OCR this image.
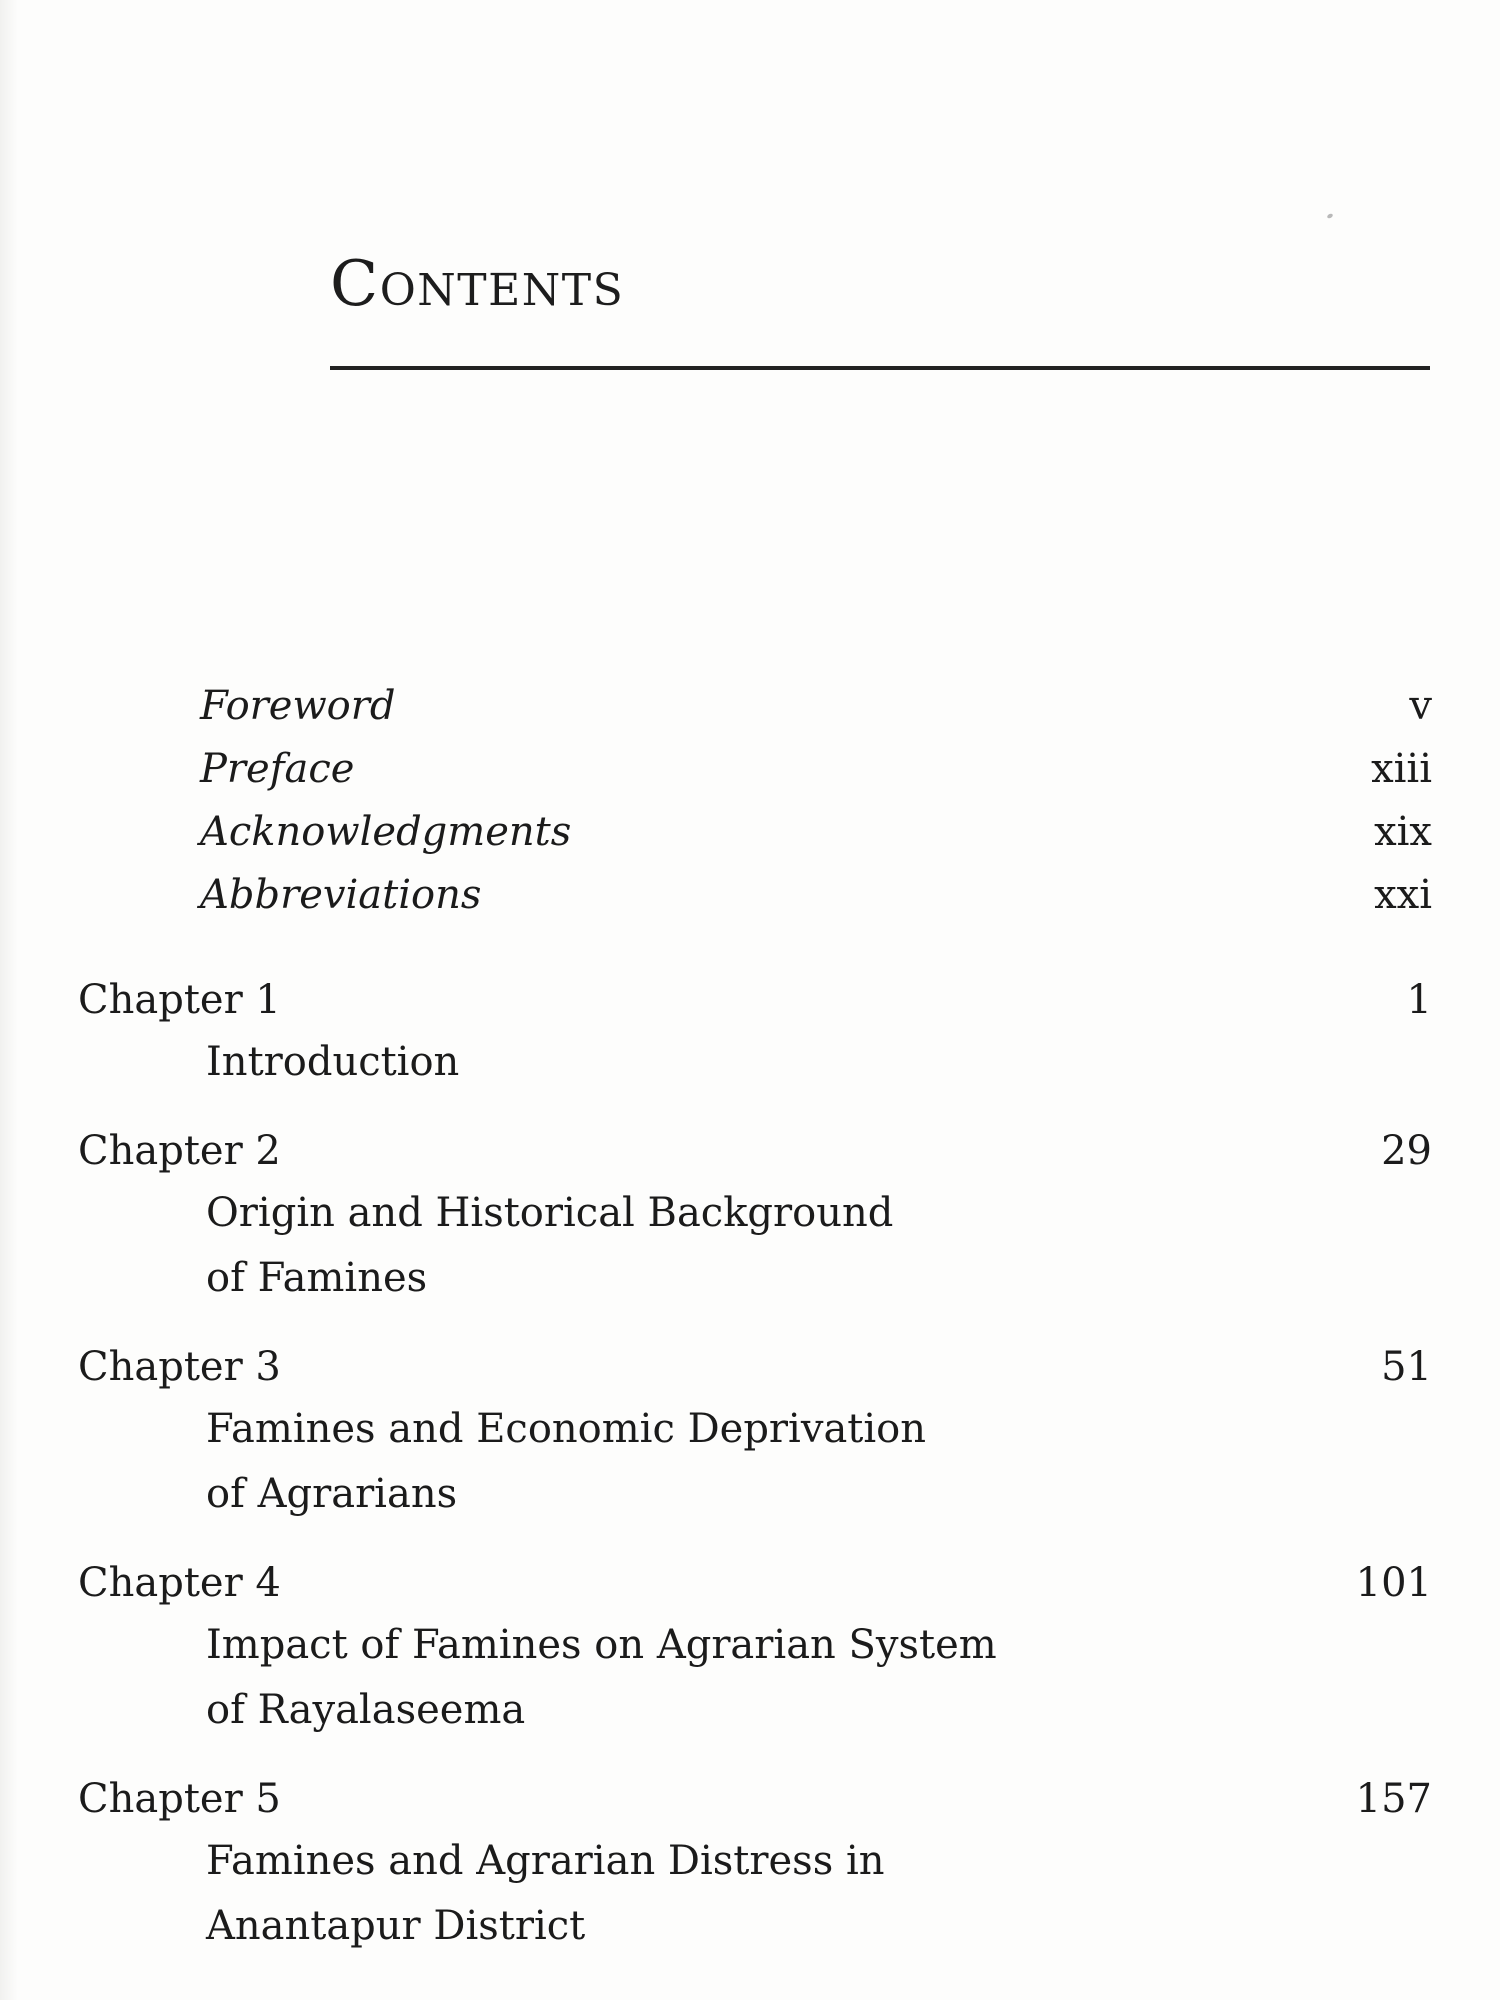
Contents
Foreword	v
Preface	xiii
Acknowledgments	xix
Abbreviations	xxi
Chapter 1	1
Introduction
Chapter 2	29
Origin and Historical Background
of Famines
Chapter 3	51
Famines and Economic Deprivation
of Agrarians
Chapter 4	101
Impact of Famines on Agrarian System
of Rayalaseema
Chapter 5	157
Famines and Agrarian Distress in
Anantapur District
